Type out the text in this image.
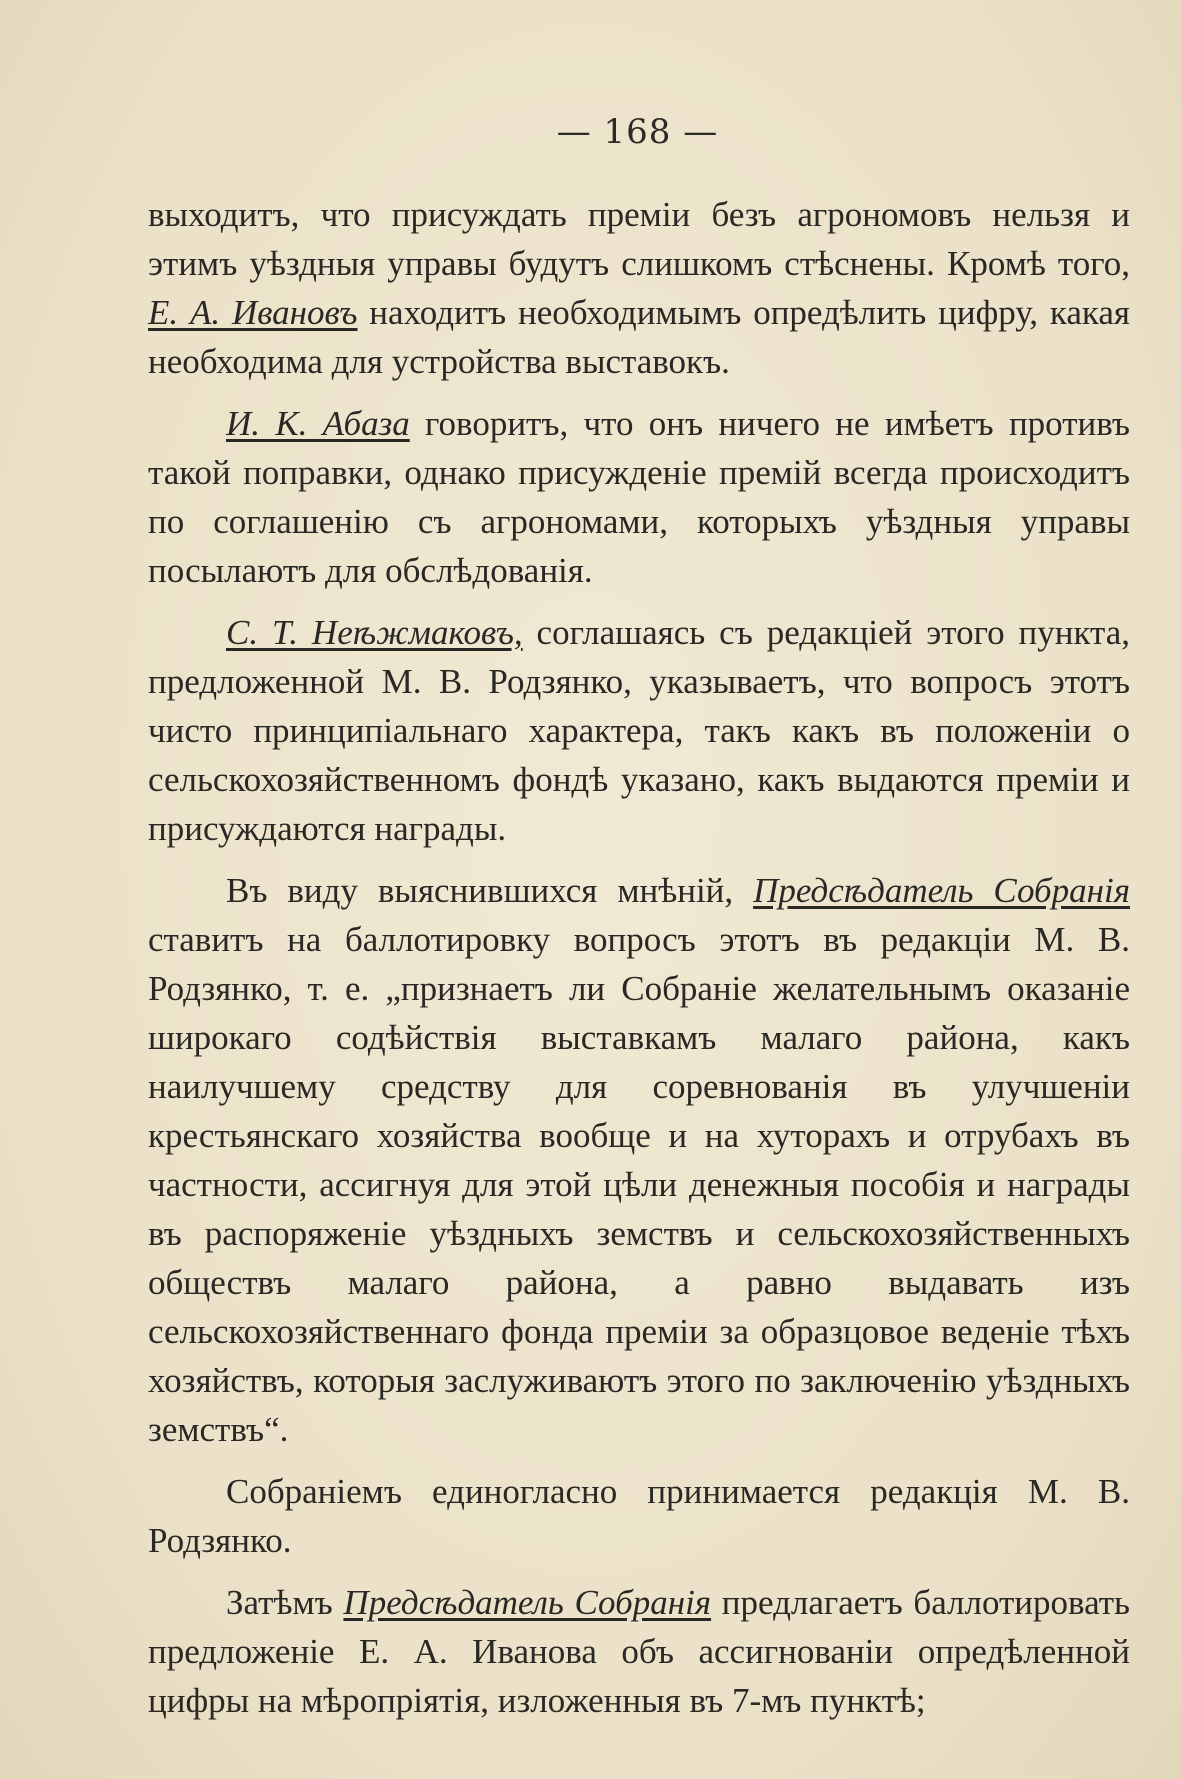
— 168 —

выходитъ, что присуждать премiи безъ агрономовъ нельзя и этимъ уѣздныя управы будутъ слишкомъ стѣснены. Кромѣ того, Е. А. Ивановъ находитъ необходимымъ опредѣлить цифру, какая необходима для устройства выставокъ.

И. К. Абаза говоритъ, что онъ ничего не имѣетъ противъ такой поправки, однако присужденiе премiй всегда происходитъ по соглашенiю съ агрономами, которыхъ уѣздныя управы посылаютъ для обслѣдованiя.

С. Т. Неѣжмаковъ, соглашаясь съ редакцiей этого пункта, предложенной М. В. Родзянко, указываетъ, что вопросъ этотъ чисто принципiальнаго характера, такъ какъ въ положенiи о сельскохозяйственномъ фондѣ указано, какъ выдаются премiи и присуждаются награды.

Въ виду выяснившихся мнѣнiй, Предсѣдатель Собранiя ставитъ на баллотировку вопросъ этотъ въ редакцiи М. В. Родзянко, т. е. „признаетъ ли Собранiе желательнымъ оказанiе широкаго содѣйствiя выставкамъ малаго района, какъ наилучшему средству для соревнованiя въ улучшенiи крестьянскаго хозяйства вообще и на хуторахъ и отрубахъ въ частности, ассигнуя для этой цѣли денежныя пособiя и награды въ распоряженiе уѣздныхъ земствъ и сельскохозяйственныхъ обществъ малаго района, а равно выдавать изъ сельскохозяйственнаго фонда премiи за образцовое веденiе тѣхъ хозяйствъ, которыя заслуживаютъ этого по заключенiю уѣздныхъ земствъ“.

Собранiемъ единогласно принимается редакцiя М. В. Родзянко.

Затѣмъ Предсѣдатель Собранiя предлагаетъ баллотировать предложенiе Е. А. Иванова объ ассигнованiи опредѣленной цифры на мѣропрiятiя, изложенныя въ 7-мъ пунктѣ;
